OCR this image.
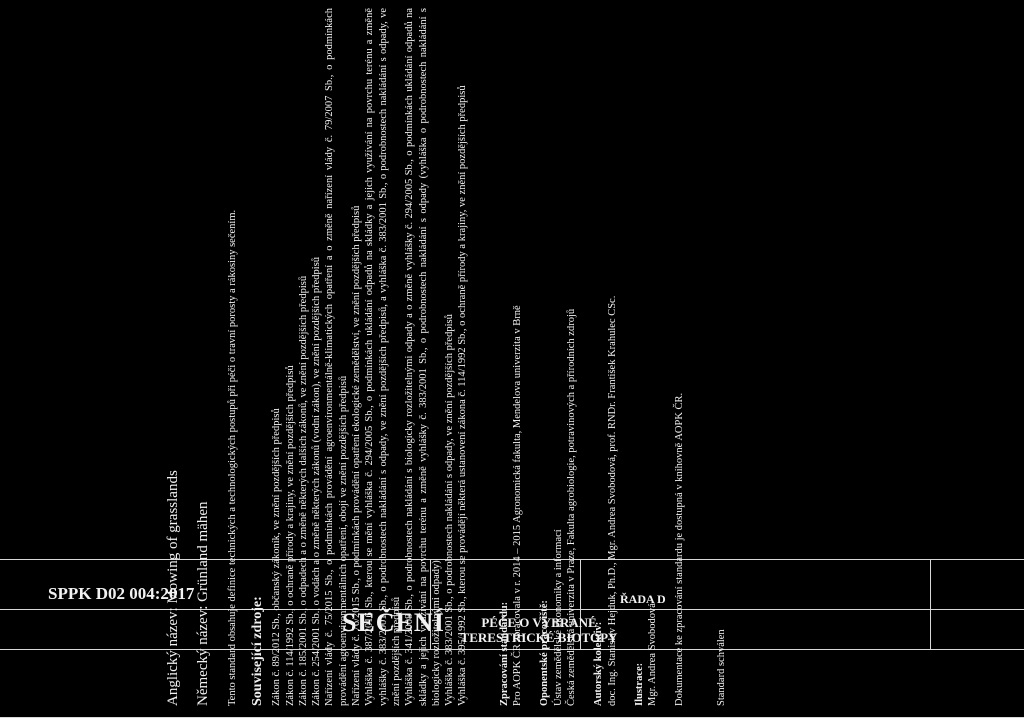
PÉČE O VYBRANÉ
TERESTRICKÉ BIOTOPY
ŘADA D
SEČENÍ
SPPK D02 004:2017

Anglický název: Mowing of grasslands Německý název: Grünland mähen Tento standard obsahuje definice technických a technologických postupů při péči o travní porosty a rákosiny sečením. Související zdroje: Zákon č. 89/2012 Sb., občanský zákoník, ve znění pozdějších předpisů Zákon č. 114/1992 Sb., o ochraně přírody a krajiny, ve znění pozdějších předpisů Zákon č. 185/2001 Sb., o odpadech a o změně některých dalších zákonů, ve znění pozdějších předpisů Zákon č. 254/2001 Sb., o vodách a o změně některých zákonů (vodní zákon), ve znění pozdějších předpisů Nařízení vlády č. 75/2015 Sb., o podmínkách provádění agroenvironmentálně-klimatických opatření a o změně nařízení vlády č. 79/2007 Sb., o podmínkách provádění agroenvironmentálních opatření, obojí ve znění pozdějších předpisů Nařízení vlády č. 76/2015 Sb., o podmínkách provádění opatření ekologické zemědělství, ve znění pozdějších předpisů Vyhláška č. 387/2016 Sb., kterou se mění vyhláška č. 294/2005 Sb., o podmínkách ukládání odpadů na skládky a jejich využívání na povrchu terénu a změně vyhlášky č. 383/2001 Sb., o podrobnostech nakládání s odpady, ve znění pozdějších předpisů, a vyhláška č. 383/2001 Sb., o podrobnostech nakládání s odpady, ve znění pozdějších předpisů Vyhláška č. 341/2008 Sb., o podrobnostech nakládání s biologicky rozložitelnými odpady a o změně vyhlášky č. 294/2005 Sb., o podmínkách ukládání odpadů na skládky a jejich využívání na povrchu terénu a změně vyhlášky č. 383/2001 Sb., o podrobnostech nakládání s odpady (vyhláška o podrobnostech nakládání s biologicky rozložitelnými odpady) Vyhláška č. 383/2001 Sb., o podrobnostech nakládání s odpady, ve znění pozdějších předpisů Vyhláška č. 395/1992 Sb., kterou se provádějí některá ustanovení zákona č. 114/1992 Sb., o ochraně přírody a krajiny, ve znění pozdějších předpisů	Zpracování standardu: Pro AOPK ČR zpracovala v r. 2014 – 2015 Agronomická fakulta, Mendelova univerzita v Brně Oponentské pracoviště: Ústav zemědělské ekonomiky a informací Česká zemědělská univerzita v Praze, Fakulta agrobiologie, potravinových a přírodních zdrojů Autorský kolektiv: doc. Ing. Stanislav Hejduk, Ph.D., Mgr. Andrea Svobodová, prof. RNDr. František Krahulec CSc. Ilustrace: Mgr. Andrea Svobodová Dokumentace ke zpracování standardu je dostupná v knihovně AOPK ČR.	Standard schválen
